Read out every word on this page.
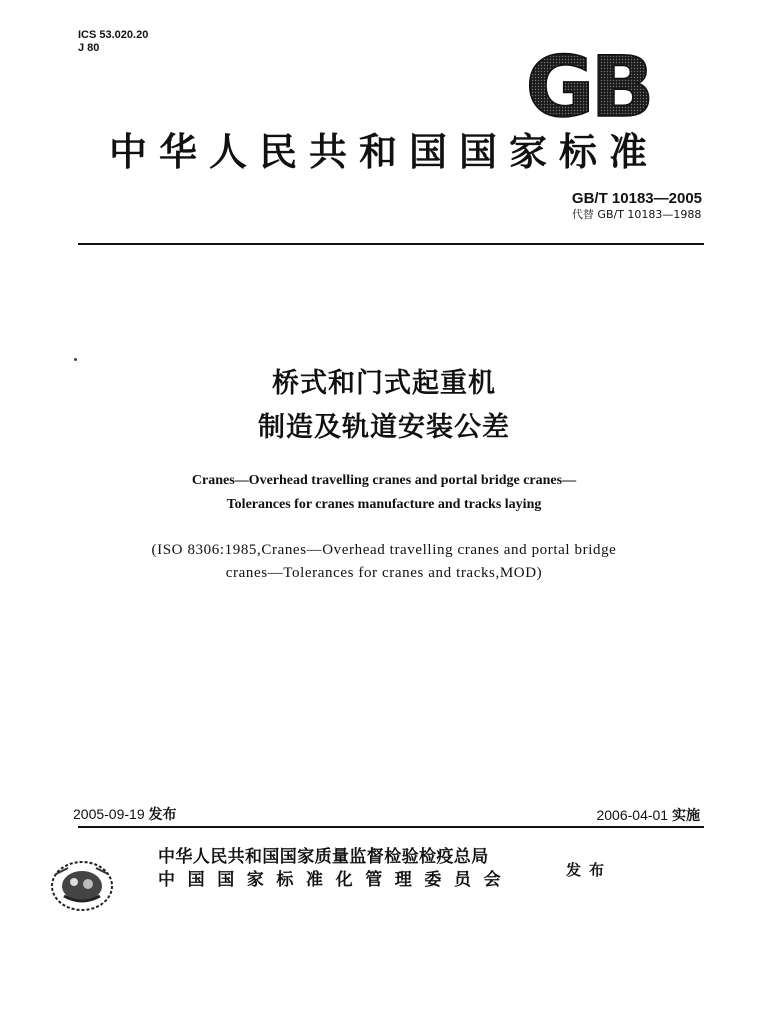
ICS 53.020.20
J 80	GB
中华人民共和国国家标准
GB/T 10183—2005
代替 GB/T 10183—1988
桥式和门式起重机
制造及轨道安装公差
Cranes—Overhead travelling cranes and portal bridge cranes—
Tolerances for cranes manufacture and tracks laying
(ISO 8306:1985,Cranes—Overhead travelling cranes and portal bridge
cranes—Tolerances for cranes and tracks,MOD)
2005-09-19 发布	2006-04-01 实施
中华人民共和国国家质量监督检验检疫总局
中国国家标准化管理委员会	发布
